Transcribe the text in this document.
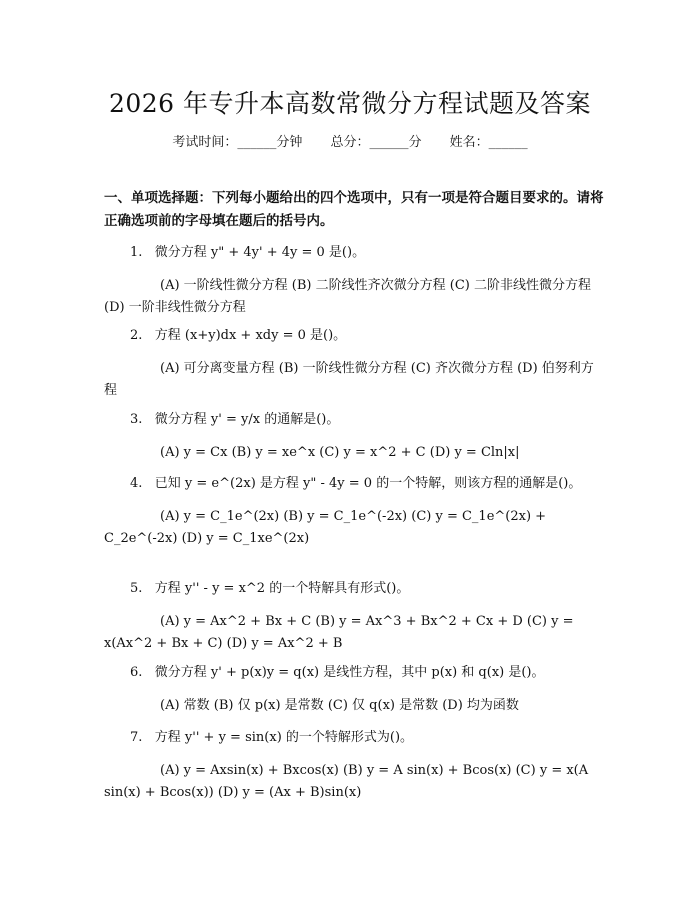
2026 年专升本高数常微分方程试题及答案
考试时间：______分钟 总分：______分 姓名：______
一、单项选择题：下列每小题给出的四个选项中，只有一项是符合题目要求的。请将正确选项前的字母填在题后的括号内。
1.   微分方程 y" + 4y' + 4y = 0 是()。
(A) 一阶线性微分方程 (B) 二阶线性齐次微分方程 (C) 二阶非线性微分方程 (D) 一阶非线性微分方程
2.   方程 (x+y)dx + xdy = 0 是()。
(A) 可分离变量方程 (B) 一阶线性微分方程 (C) 齐次微分方程 (D) 伯努利方程
3.   微分方程 y' = y/x 的通解是()。
(A) y = Cx (B) y = xe^x (C) y = x^2 + C (D) y = Cln|x|
4.   已知 y = e^(2x) 是方程 y" - 4y = 0 的一个特解，则该方程的通解是()。
(A) y = C_1e^(2x) (B) y = C_1e^(-2x) (C) y = C_1e^(2x) + C_2e^(-2x) (D) y = C_1xe^(2x)
5.   方程 y'' - y = x^2 的一个特解具有形式()。
(A) y = Ax^2 + Bx + C (B) y = Ax^3 + Bx^2 + Cx + D (C) y = x(Ax^2 + Bx + C) (D) y = Ax^2 + B
6.   微分方程 y' + p(x)y = q(x) 是线性方程，其中 p(x) 和 q(x) 是()。
(A) 常数 (B) 仅 p(x) 是常数 (C) 仅 q(x) 是常数 (D) 均为函数
7.   方程 y'' + y = sin(x) 的一个特解形式为()。
(A) y = Axsin(x) + Bxcos(x) (B) y = A sin(x) + Bcos(x) (C) y = x(A sin(x) + Bcos(x)) (D) y = (Ax + B)sin(x)
